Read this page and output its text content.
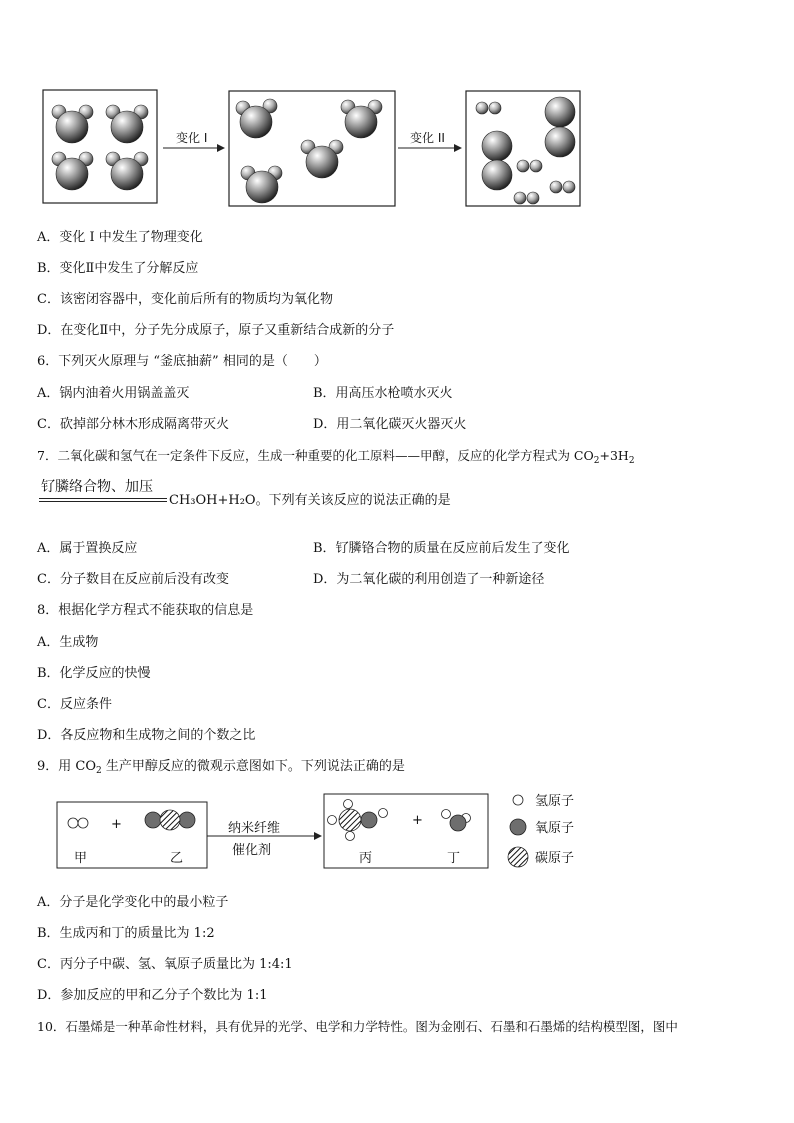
变化 I	变化 II
A．变化 I 中发生了物理变化
B．变化Ⅱ中发生了分解反应
C．该密闭容器中，变化前后所有的物质均为氧化物
D．在变化Ⅱ中，分子先分成原子，原子又重新结合成新的分子
6．下列灭火原理与 “釜底抽薪” 相同的是（　　）
A．锅内油着火用锅盖盖灭	B．用高压水枪喷水灭火
C．砍掉部分林木形成隔离带灭火	D．用二氧化碳灭火器灭火
7．二氧化碳和氢气在一定条件下反应，生成一种重要的化工原料——甲醇，反应的化学方程式为 $CO_2+3H_2$
钌膦络合物、加压
CH₃OH+H₂O。下列有关该反应的说法正确的是
A．属于置换反应	B．钌膦铬合物的质量在反应前后发生了变化
C．分子数目在反应前后没有改变	D．为二氧化碳的利用创造了一种新途径
8．根据化学方程式不能获取的信息是
A．生成物
B．化学反应的快慢
C．反应条件
D．各反应物和生成物之间的个数之比
9．用 $CO_2$ 生产甲醇反应的微观示意图如下。下列说法正确的是
+
甲	乙
纳米纤维
催化剂
+
丙	丁
氢原子
氧原子
碳原子
A．分子是化学变化中的最小粒子
B．生成丙和丁的质量比为 1:2
C．丙分子中碳、氢、氧原子质量比为 1:4:1
D．参加反应的甲和乙分子个数比为 1:1
10．石墨烯是一种革命性材料，具有优异的光学、电学和力学特性。图为金刚石、石墨和石墨烯的结构模型图，图中
